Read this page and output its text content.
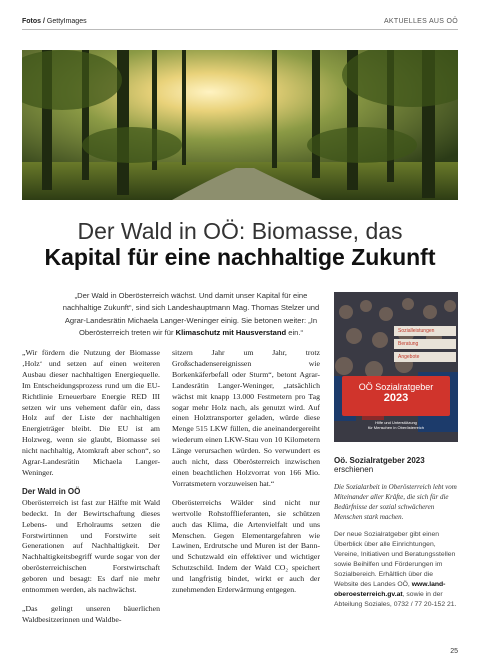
Fotos / GettyImages	AKTUELLES AUS OÖ
Der Wald in OÖ: Biomasse, das
Kapital für eine nachhaltige Zukunft
„Der Wald in Oberösterreich wächst. Und damit unser Kapital für eine nachhaltige Zukunft“, sind sich Landeshauptmann Mag. Thomas Stelzer und Agrar-Landesrätin Michaela Langer-Weninger einig. Sie betonen weiter: „In Oberösterreich treten wir für Klimaschutz mit Hausverstand ein.“

„Wir fördern die Nutzung der Biomasse ‚Holz‘ und setzen auf einen weiteren Ausbau dieser nachhaltigen Energiequelle. Im Entscheidungsprozess rund um die EU-Richtlinie Erneuerbare Energie RED III setzen wir uns vehement dafür ein, dass Holz auf der Liste der nachhaltigen Energieträger bleibt. Die EU ist am Holzweg, wenn sie glaubt, Biomasse sei nicht nachhaltig, Atomkraft aber schon“, so Agrar-Landesrätin Michaela Langer-Weninger.

Der Wald in OÖ

Oberösterreich ist fast zur Hälfte mit Wald bedeckt. In der Bewirtschaftung dieses Lebens- und Erholraums setzen die Forstwirtinnen und Forstwirte seit Generationen auf Nachhaltigkeit. Der Nachhaltigkeitsbegriff wurde sogar von der oberösterreichischen Forstwirtschaft geboren und besagt: Es darf nie mehr entnommen werden, als nachwächst.

„Das gelingt unseren bäuerlichen Waldbesitzerinnen und Waldbe-

sitzern Jahr um Jahr, trotz Großschadensereignissen wie Borkenkäferbefall oder Sturm“, betont Agrar-Landesrätin Langer-Weninger, „tatsächlich wächst mit knapp 13.000 Festmetern pro Tag sogar mehr Holz nach, als genutzt wird. Auf einen Holztransporter geladen, würde diese Menge 515 LKW füllen, die aneinandergereiht wiederum einen LKW-Stau von 10 Kilometern Länge verursachen würden. So verwundert es auch nicht, dass Oberösterreich inzwischen einen beachtlichen Holzvorrat von 166 Mio. Vorratsmetern vorzuweisen hat.“

Oberösterreichs Wälder sind nicht nur wertvolle Rohstofflieferanten, sie schützen auch das Klima, die Artenvielfalt und uns Menschen. Gegen Elementargefahren wie Lawinen, Erdrutsche und Muren ist der Bann- und Schutzwald ein effektiver und wichtiger Schutzschild. Indem der Wald CO₂ speichert und langfristig bindet, wirkt er auch der zunehmenden Erderwärmung entgegen.

Sozialleistungen
Beratung
Angebote
OÖ Sozialratgeber
2023
Hilfe und Unterstützung
für Menschen in Oberösterreich
Oö. Sozialratgeber 2023
erschienen
Die Sozialarbeit in Oberösterreich lebt vom Miteinander aller Kräfte, die sich für die Bedürfnisse der sozial schwächeren Menschen stark machen.
Der neue Sozialratgeber gibt einen Überblick über alle Einrichtungen, Vereine, Initiativen und Beratungsstellen sowie Beihilfen und Förderungen im Sozialbereich. Erhältlich über die Website des Landes OÖ, www.land-oberoesterreich.gv.at, sowie in der Abteilung Soziales, 0732 / 77 20-152 21.
25
